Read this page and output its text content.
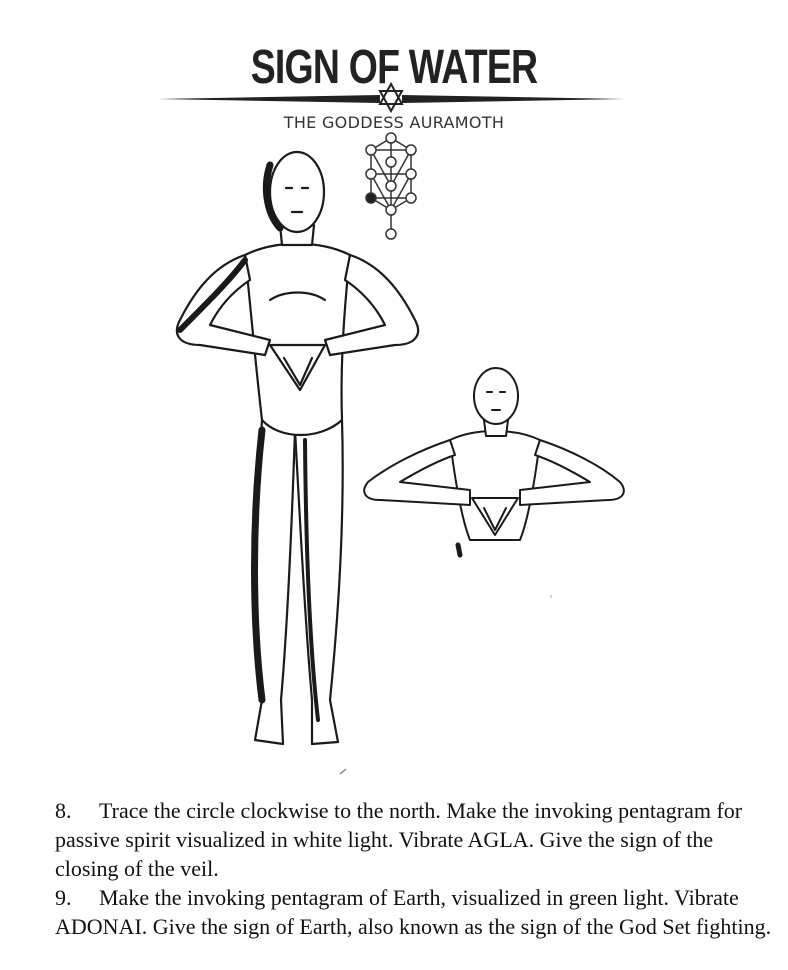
SIGN OF WATER
THE GODDESS AURAMOTH

8. Trace the circle clockwise to the north. Make the invoking pentagram for passive spirit visualized in white light. Vibrate AGLA. Give the sign of the closing of the veil.

9. Make the invoking pentagram of Earth, visualized in green light. Vibrate ADONAI. Give the sign of Earth, also known as the sign of the God Set fighting.
